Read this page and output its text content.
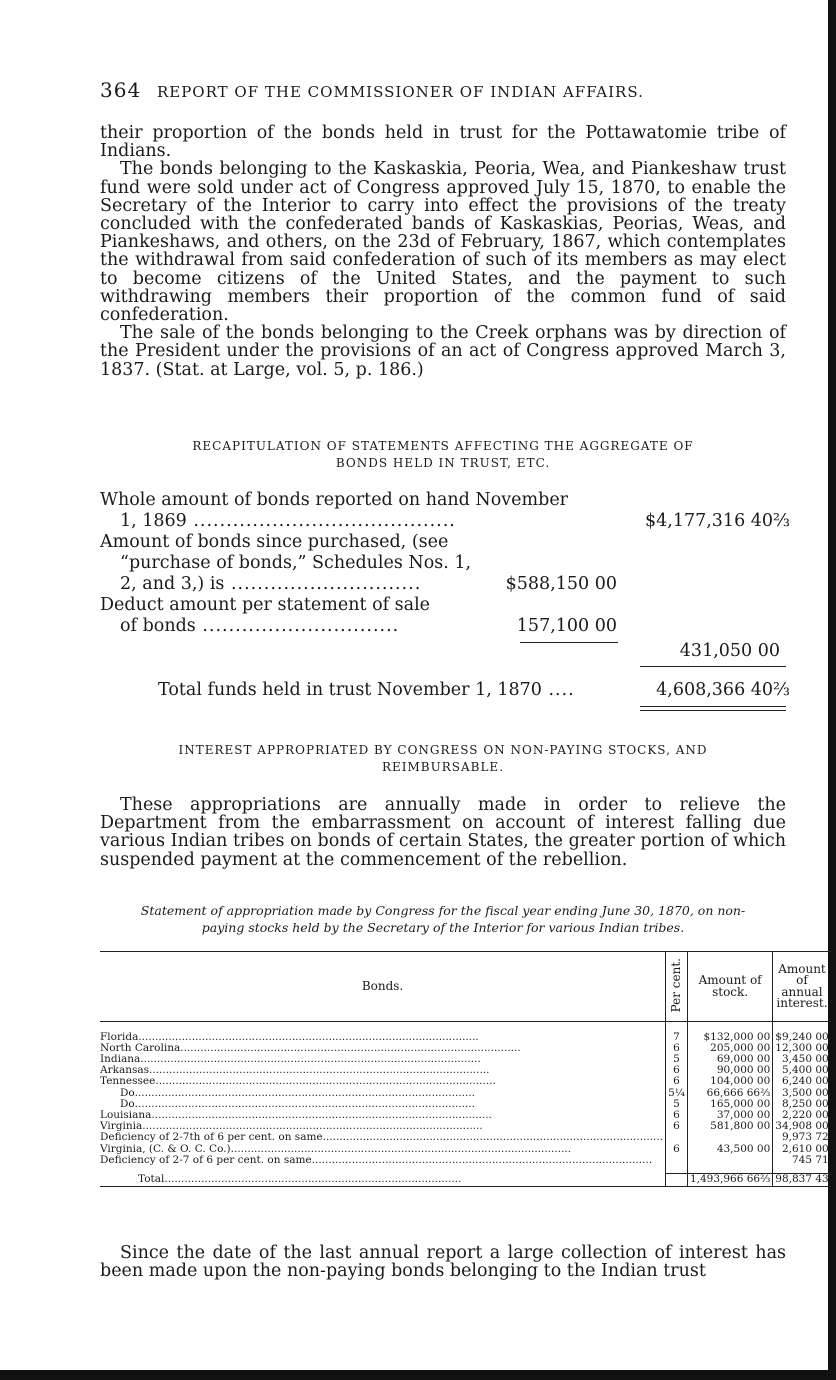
364 REPORT OF THE COMMISSIONER OF INDIAN AFFAIRS.

their proportion of the bonds held in trust for the Pottawatomie tribe of Indians.

The bonds belonging to the Kaskaskia, Peoria, Wea, and Piankeshaw trust fund were sold under act of Congress approved July 15, 1870, to enable the Secretary of the Interior to carry into effect the provisions of the treaty concluded with the confederated bands of Kaskaskias, Peorias, Weas, and Piankeshaws, and others, on the 23d of February, 1867, which contemplates the withdrawal from said confederation of such of its members as may elect to become citizens of the United States, and the payment to such withdrawing members their proportion of the common fund of said confederation.

The sale of the bonds belonging to the Creek orphans was by direction of the President under the provisions of an act of Congress approved March 3, 1837. (Stat. at Large, vol. 5, p. 186.)

RECAPITULATION OF STATEMENTS AFFECTING THE AGGREGATE OF
BONDS HELD IN TRUST, ETC.
Whole amount of bonds reported on hand November
1, 1869 ........................................	$4,177,316 40⅔
Amount of bonds since purchased, (see
“purchase of bonds,” Schedules Nos. 1,
2, and 3,) is .............................	$588,150 00
Deduct amount per statement of sale
of bonds ..............................	157,100 00
431,050 00
Total funds held in trust November 1, 1870 ....	4,608,366 40⅔
INTEREST APPROPRIATED BY CONGRESS ON NON-PAYING STOCKS, AND
REIMBURSABLE.

These appropriations are annually made in order to relieve the Department from the embarrassment on account of interest falling due various Indian tribes on bonds of certain States, the greater portion of which suspended payment at the commencement of the rebellion.

Statement of appropriation made by Congress for the fiscal year ending June 30, 1870, on non-
paying stocks held by the Secretary of the Interior for various Indian tribes.
Bonds.	Per cent.	Amount of stock.	Amount of annual interest.

Florida......................................................................................................	7	$132,000 00	$9,240 00
North Carolina......................................................................................................	6	205,000 00	12,300 00
Indiana......................................................................................................	5	69,000 00	3,450 00
Arkansas......................................................................................................	6	90,000 00	5,400 00
Tennessee......................................................................................................	6	104,000 00	6,240 00
Do......................................................................................................	5¼	66,666 66⅔	3,500 00
Do......................................................................................................	5	165,000 00	8,250 00
Louisiana......................................................................................................	6	37,000 00	2,220 00
Virginia......................................................................................................	6	581,800 00	34,908 00
Deficiency of 2-7th of 6 per cent. on same......................................................................................................			9,973 72
Virginia, (C. & O. C. Co.)......................................................................................................	6	43,500 00	2,610 00
Deficiency of 2-7 of 6 per cent. on same......................................................................................................			745 71

Total.........................................................................................		1,493,966 66⅔	98,837 43

Since the date of the last annual report a large collection of interest has been made upon the non-paying bonds belonging to the Indian trust
